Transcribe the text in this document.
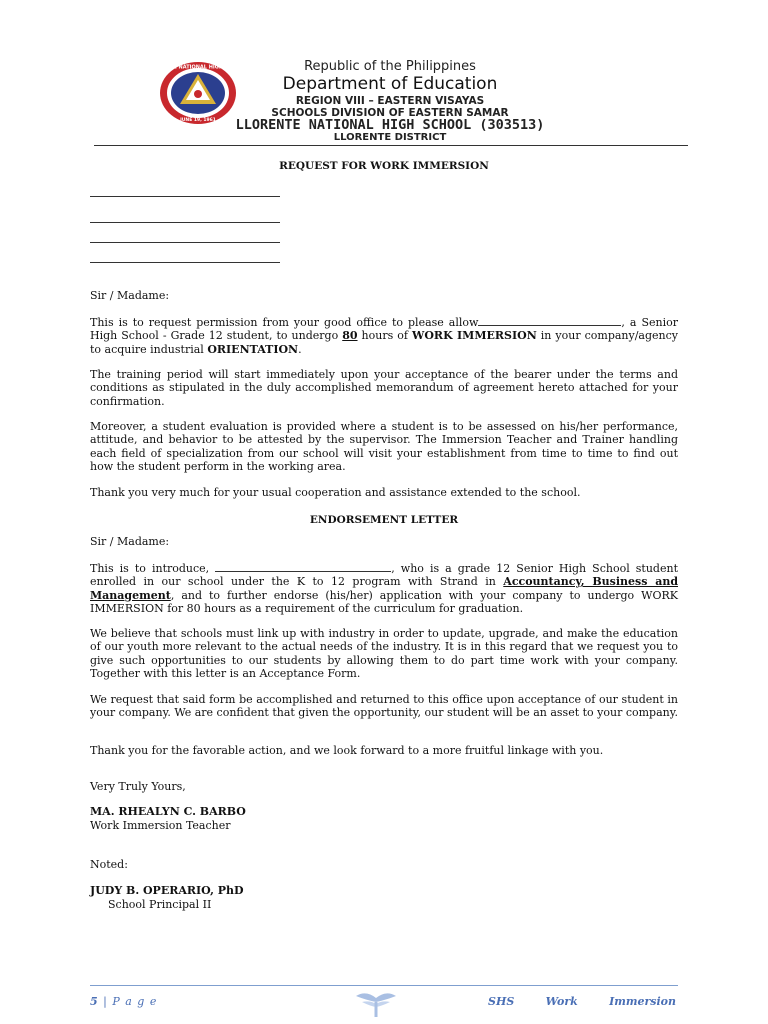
LLORENTE NATIONAL HIGH SCHOOL
JUNE 19, 1961
Republic of the Philippines
Department of Education
REGION VIII – EASTERN VISAYAS
SCHOOLS DIVISION OF EASTERN SAMAR
LLORENTE NATIONAL HIGH SCHOOL (303513)
LLORENTE DISTRICT
REQUEST FOR WORK IMMERSION
Sir / Madame:
This is to request permission from your good office to please allow	, a Senior High School - Grade 12 student, to undergo 80 hours of WORK IMMERSION in your company/agency to acquire industrial ORIENTATION.
The training period will start immediately upon your acceptance of the bearer under the terms and conditions as stipulated in the duly accomplished memorandum of agreement hereto attached for your confirmation.
Moreover, a student evaluation is provided where a student is to be assessed on his/her performance, attitude, and behavior to be attested by the supervisor. The Immersion Teacher and Trainer handling each field of specialization from our school will visit your establishment from time to time to find out how the student perform in the working area.
Thank you very much for your usual cooperation and assistance extended to the school.
ENDORSEMENT LETTER
Sir / Madame:
This is to introduce,	, who is a grade 12 Senior High School student enrolled in our school under the K to 12 program with Strand in Accountancy, Business and Management, and to further endorse (his/her) application with your company to undergo WORK IMMERSION for 80 hours as a requirement of the curriculum for graduation.
We believe that schools must link up with industry in order to update, upgrade, and make the education of our youth more relevant to the actual needs of the industry. It is in this regard that we request you to give such opportunities to our students by allowing them to do part time work with your company. Together with this letter is an Acceptance Form.
We request that said form be accomplished and returned to this office upon acceptance of our student in your company. We are confident that given the opportunity, our student will be an asset to your company.
Thank you for the favorable action, and we look forward to a more fruitful linkage with you.
Very Truly Yours,
MA. RHEALYN C. BARBO
Work Immersion Teacher
Noted:
JUDY B. OPERARIO, PhD
School Principal II
5 | P a g e	SHS	Work	Immersion
